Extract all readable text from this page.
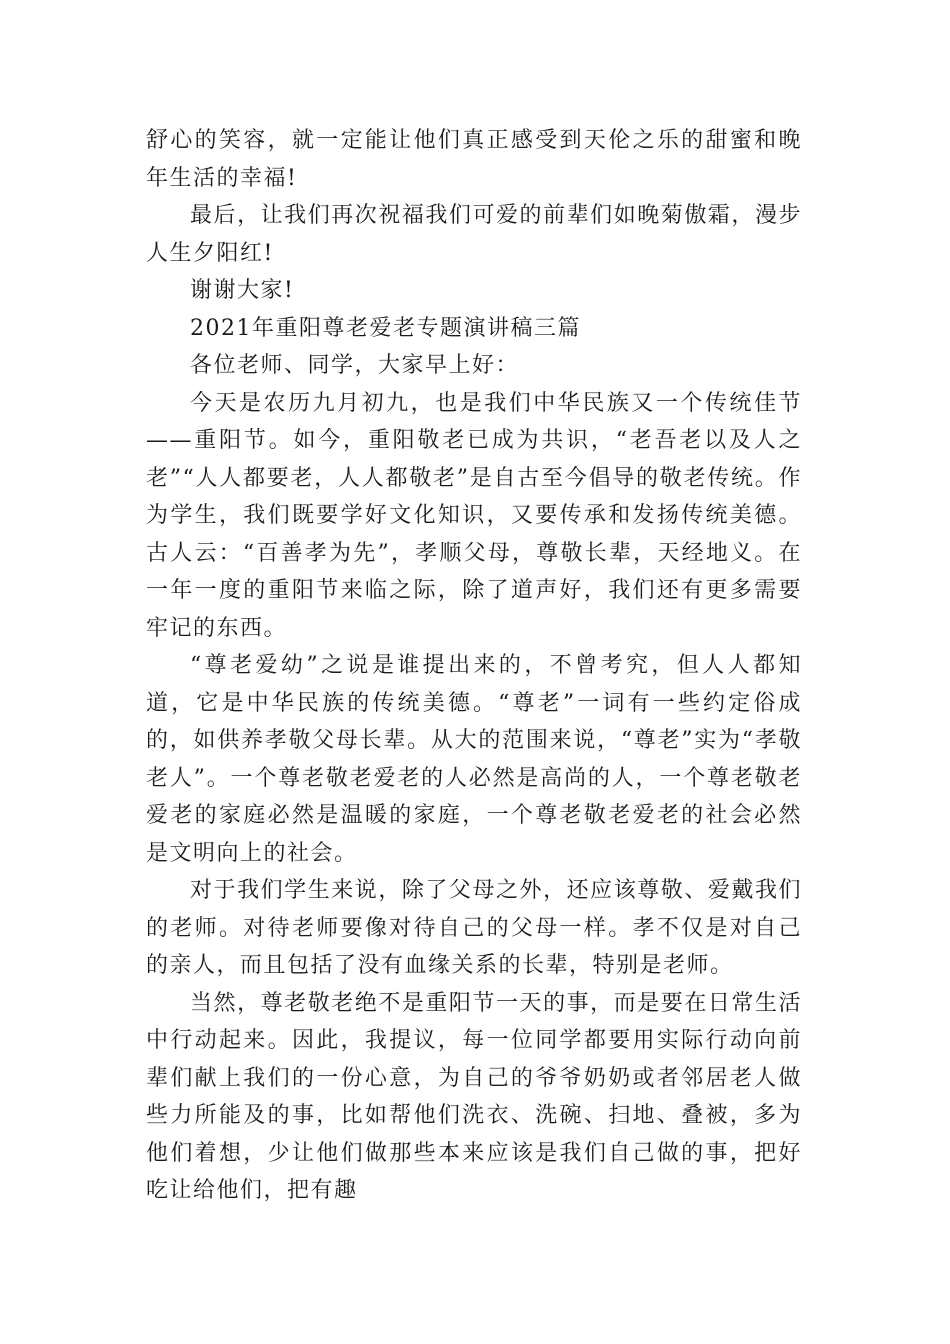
舒心的笑容，就一定能让他们真正感受到天伦之乐的甜蜜和晚年生活的幸福!

最后，让我们再次祝福我们可爱的前辈们如晚菊傲霜，漫步人生夕阳红!

谢谢大家!

2021年重阳尊老爱老专题演讲稿三篇

各位老师、同学，大家早上好：

今天是农历九月初九，也是我们中华民族又一个传统佳节——重阳节。如今，重阳敬老已成为共识，“老吾老以及人之老”“人人都要老，人人都敬老”是自古至今倡导的敬老传统。作为学生，我们既要学好文化知识，又要传承和发扬传统美德。古人云：“百善孝为先”，孝顺父母，尊敬长辈，天经地义。在一年一度的重阳节来临之际，除了道声好，我们还有更多需要牢记的东西。

“尊老爱幼”之说是谁提出来的，不曾考究，但人人都知道，它是中华民族的传统美德。“尊老”一词有一些约定俗成的，如供养孝敬父母长辈。从大的范围来说，“尊老”实为“孝敬老人”。一个尊老敬老爱老的人必然是高尚的人，一个尊老敬老爱老的家庭必然是温暖的家庭，一个尊老敬老爱老的社会必然是文明向上的社会。

对于我们学生来说，除了父母之外，还应该尊敬、爱戴我们的老师。对待老师要像对待自己的父母一样。孝不仅是对自己的亲人，而且包括了没有血缘关系的长辈，特别是老师。

当然，尊老敬老绝不是重阳节一天的事，而是要在日常生活中行动起来。因此，我提议，每一位同学都要用实际行动向前辈们献上我们的一份心意，为自己的爷爷奶奶或者邻居老人做些力所能及的事，比如帮他们洗衣、洗碗、扫地、叠被，多为他们着想，少让他们做那些本来应该是我们自己做的事，把好吃让给他们，把有趣
